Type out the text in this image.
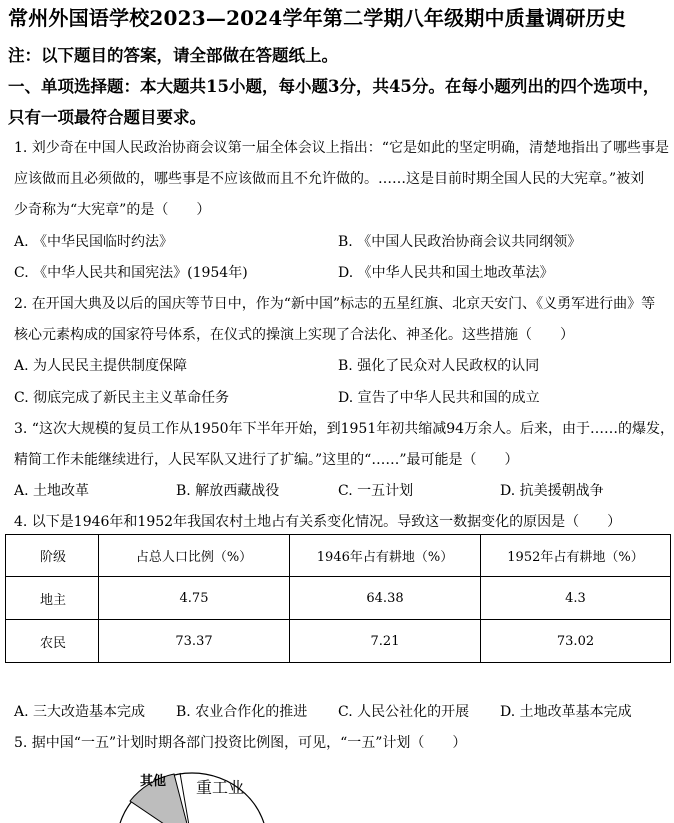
常州外国语学校2023—2024学年第二学期八年级期中质量调研历史
注：以下题目的答案，请全部做在答题纸上。
一、单项选择题：本大题共15小题，每小题3分，共45分。在每小题列出的四个选项中，
只有一项最符合题目要求。
1. 刘少奇在中国人民政治协商会议第一届全体会议上指出：“它是如此的坚定明确，清楚地指出了哪些事是
应该做而且必须做的，哪些事是不应该做而且不允许做的。……这是目前时期全国人民的大宪章。”被刘
少奇称为“大宪章”的是（　　）
A. 《中华民国临时约法》	B. 《中国人民政治协商会议共同纲领》
C. 《中华人民共和国宪法》(1954年)	D. 《中华人民共和国土地改革法》
2. 在开国大典及以后的国庆等节日中，作为“新中国”标志的五星红旗、北京天安门、《义勇军进行曲》等
核心元素构成的国家符号体系，在仪式的操演上实现了合法化、神圣化。这些措施（　　）
A. 为人民民主提供制度保障	B. 强化了民众对人民政权的认同
C. 彻底完成了新民主主义革命任务	D. 宣告了中华人民共和国的成立
3. “这次大规模的复员工作从1950年下半年开始，到1951年初共缩减94万余人。后来，由于……的爆发，
精简工作未能继续进行，人民军队又进行了扩编。”这里的“……”最可能是（　　）
A. 土地改革	B. 解放西藏战役	C. 一五计划	D. 抗美援朝战争
4. 以下是1946年和1952年我国农村土地占有关系变化情况。导致这一数据变化的原因是（　　）
阶级	占总人口比例（%）	1946年占有耕地（%）	1952年占有耕地（%）
地主	4.75	64.38	4.3
农民	73.37	7.21	73.02
A. 三大改造基本完成 B. 农业合作化的推进 C. 人民公社化的开展 D. 土地改革基本完成
5. 据中国“一五”计划时期各部门投资比例图，可见，“一五”计划（　　）
其他 重工业
